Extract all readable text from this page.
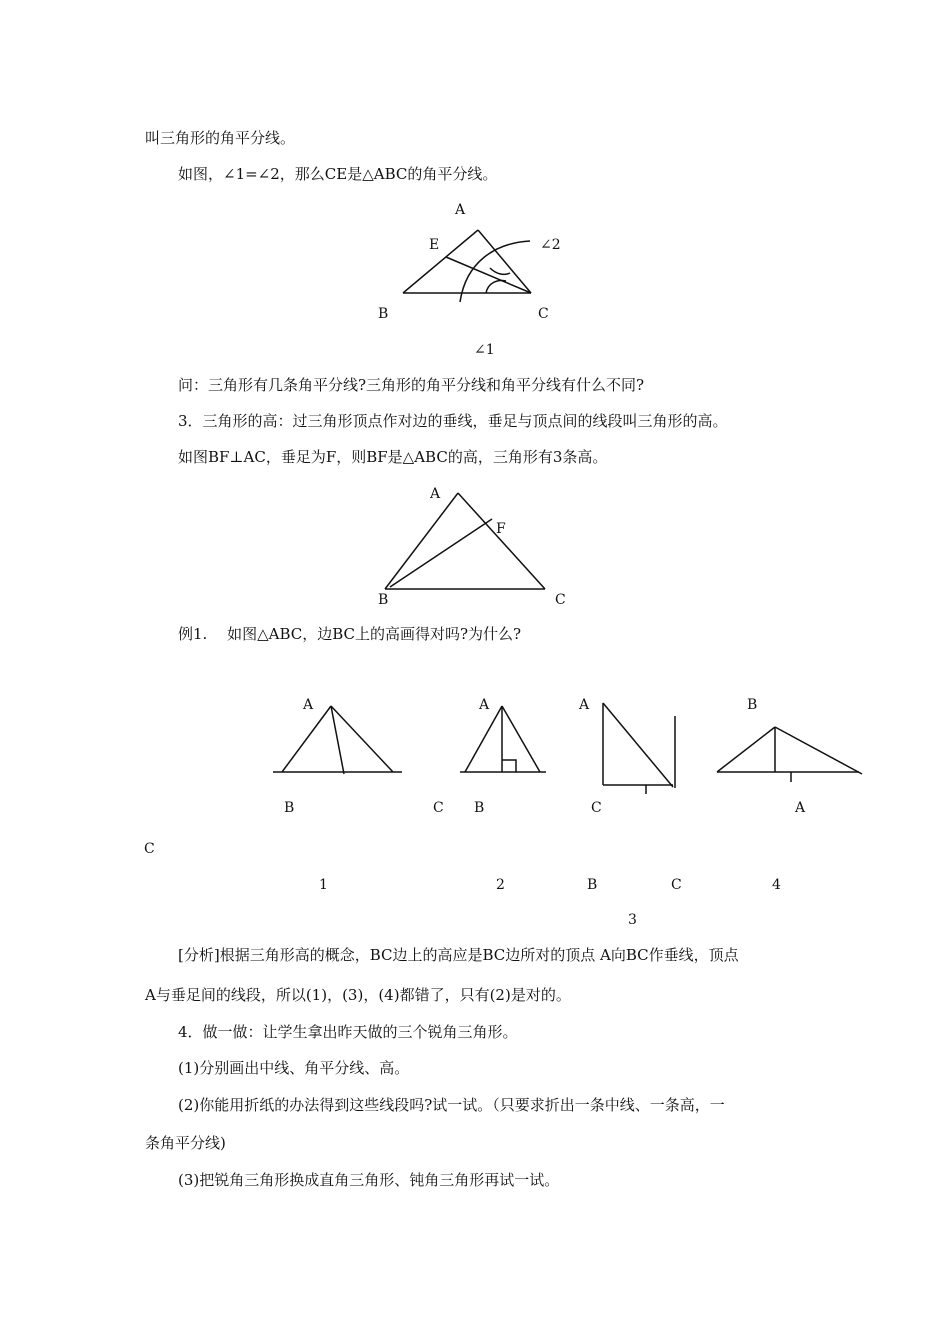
叫三角形的角平分线。
如图，∠1=∠2，那么CE是△ABC的角平分线。
A
E	∠2
B	C
∠1
问：三角形有几条角平分线?三角形的角平分线和角平分线有什么不同?
3．三角形的高：过三角形顶点作对边的垂线，垂足与顶点间的线段叫三角形的高。
如图BF⊥AC，垂足为F，则BF是△ABC的高，三角形有3条高。
A
F
B	C
例1.　 如图△ABC，边BC上的高画得对吗?为什么?
A
B
C
1
A
C B
2
A
C
B	C
3
B
A
4
[分析]根据三角形高的概念，BC边上的高应是BC边所对的顶点 A向BC作垂线，顶点
A与垂足间的线段，所以(1)，(3)，(4)都错了，只有(2)是对的。
4．做一做：让学生拿出昨天做的三个锐角三角形。
(1)分别画出中线、角平分线、高。
(2)你能用折纸的办法得到这些线段吗?试一试。（只要求折出一条中线、一条高，一
条角平分线)
(3)把锐角三角形换成直角三角形、钝角三角形再试一试。
